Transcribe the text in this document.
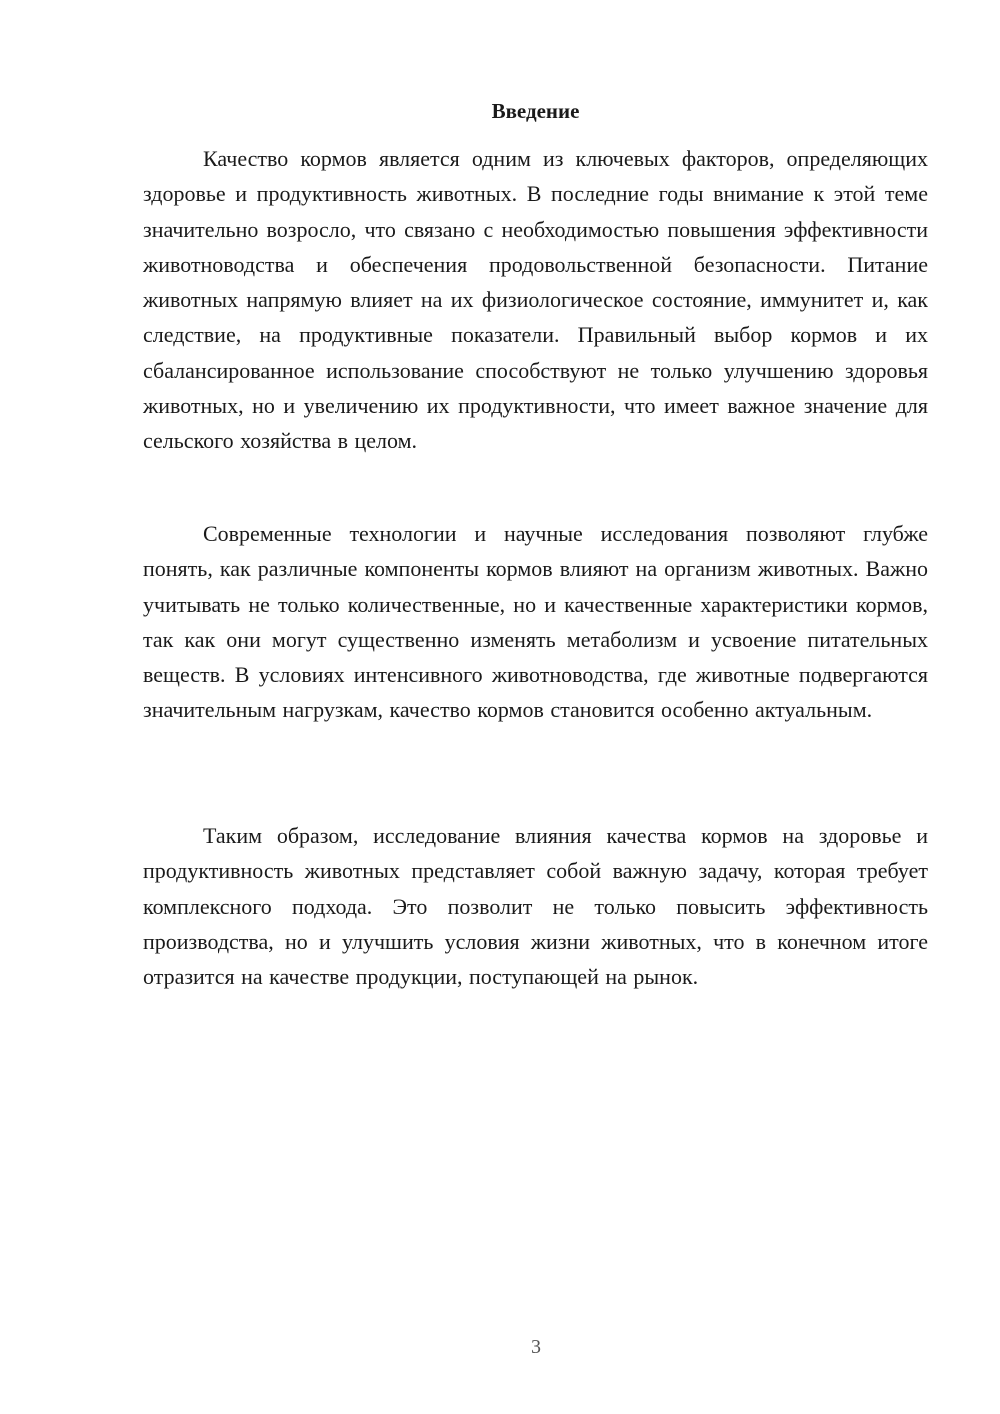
Введение

Качество кормов является одним из ключевых факторов, определяющих здоровье и продуктивность животных. В последние годы внимание к этой теме значительно возросло, что связано с необходимостью повышения эффективности животноводства и обеспечения продовольственной безопасности. Питание животных напрямую влияет на их физиологическое состояние, иммунитет и, как следствие, на продуктивные показатели. Правильный выбор кормов и их сбалансированное использование способствуют не только улучшению здоровья животных, но и увеличению их продуктивности, что имеет важное значение для сельского хозяйства в целом.

Современные технологии и научные исследования позволяют глубже понять, как различные компоненты кормов влияют на организм животных. Важно учитывать не только количественные, но и качественные характеристики кормов, так как они могут существенно изменять метаболизм и усвоение питательных веществ. В условиях интенсивного животноводства, где животные подвергаются значительным нагрузкам, качество кормов становится особенно актуальным.

Таким образом, исследование влияния качества кормов на здоровье и продуктивность животных представляет собой важную задачу, которая требует комплексного подхода. Это позволит не только повысить эффективность производства, но и улучшить условия жизни животных, что в конечном итоге отразится на качестве продукции, поступающей на рынок.

3
